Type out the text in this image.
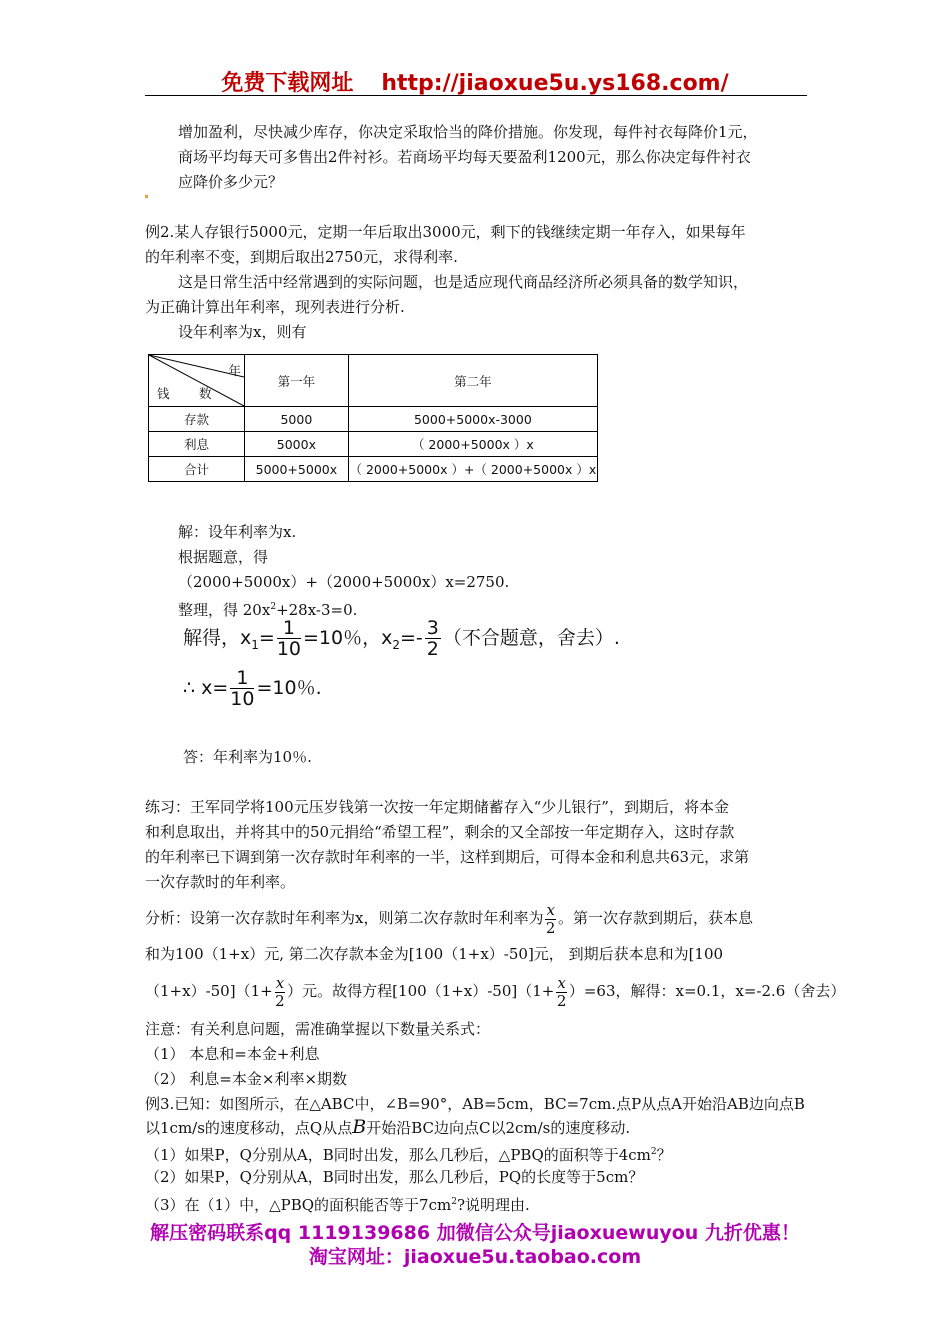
免费下载网址 http://jiaoxue5u.ys168.com/
增加盈利，尽快减少库存，你决定采取恰当的降价措施。你发现，每件衬衣每降价1元，
商场平均每天可多售出2件衬衫。若商场平均每天要盈利1200元，那么你决定每件衬衣
应降价多少元？
例2.某人存银行5000元，定期一年后取出3000元，剩下的钱继续定期一年存入，如果每年
的年利率不变，到期后取出2750元，求得利率.
这是日常生活中经常遇到的实际问题，也是适应现代商品经济所必须具备的数学知识，
为正确计算出年利率，现列表进行分析.
设年利率为x，则有
年
钱 数	第一年	第二年
存款	5000	5000+5000x-3000
利息	5000x	（ 2000+5000x ）x
合计	5000+5000x	（ 2000+5000x ）+（ 2000+5000x ）x
解：设年利率为x.
根据题意，得
（2000+5000x）+（2000+5000x）x=2750.
整理，得 $20x^2+28x-3=0$.
解得，$x_1= \frac{1}{10} =10$％，$x_2=- \frac{3}{2}$ （不合题意，舍去）.
∴ $x= \frac{1}{10} =10$％.
答：年利率为10％.
练习：王军同学将100元压岁钱第一次按一年定期储蓄存入“少儿银行”，到期后，将本金
和利息取出，并将其中的50元捐给“希望工程”，剩余的又全部按一年定期存入，这时存款
的年利率已下调到第一次存款时年利率的一半，这样到期后，可得本金和利息共63元，求第
一次存款时的年利率。
分析：设第一次存款时年利率为x，则第二次存款时年利率为 $\frac{x}{2}$ 。第一次存款到期后，获本息
和为100（1+x）元, 第二次存款本金为[100（1+x）-50]元， 到期后获本息和为[100
$(1+x)-50](1+ \frac{x}{2}$ ）元。故得方程$[100(1+x)-50](1+ \frac{x}{2} )=63$，解得：x=0.1，x=-2.6（舍去）
注意：有关利息问题，需准确掌握以下数量关系式：
（1） 本息和=本金+利息
（2） 利息=本金×利率×期数
例3.已知：如图所示，在△ABC中，∠B=90°，AB=5cm，BC=7cm.点P从点A开始沿AB边向点B
以1cm/s的速度移动，点Q从点B开始沿BC边向点C以2cm/s的速度移动.
（1）如果P，Q分别从A，B同时出发，那么几秒后，△PBQ的面积等于$4cm^2$？
（2）如果P，Q分别从A，B同时出发，那么几秒后，PQ的长度等于5cm？
（3）在（1）中，△PBQ的面积能否等于$7cm^2$?说明理由.
解压密码联系qq 1119139686 加微信公众号jiaoxuewuyou 九折优惠！
淘宝网址：jiaoxue5u.taobao.com
